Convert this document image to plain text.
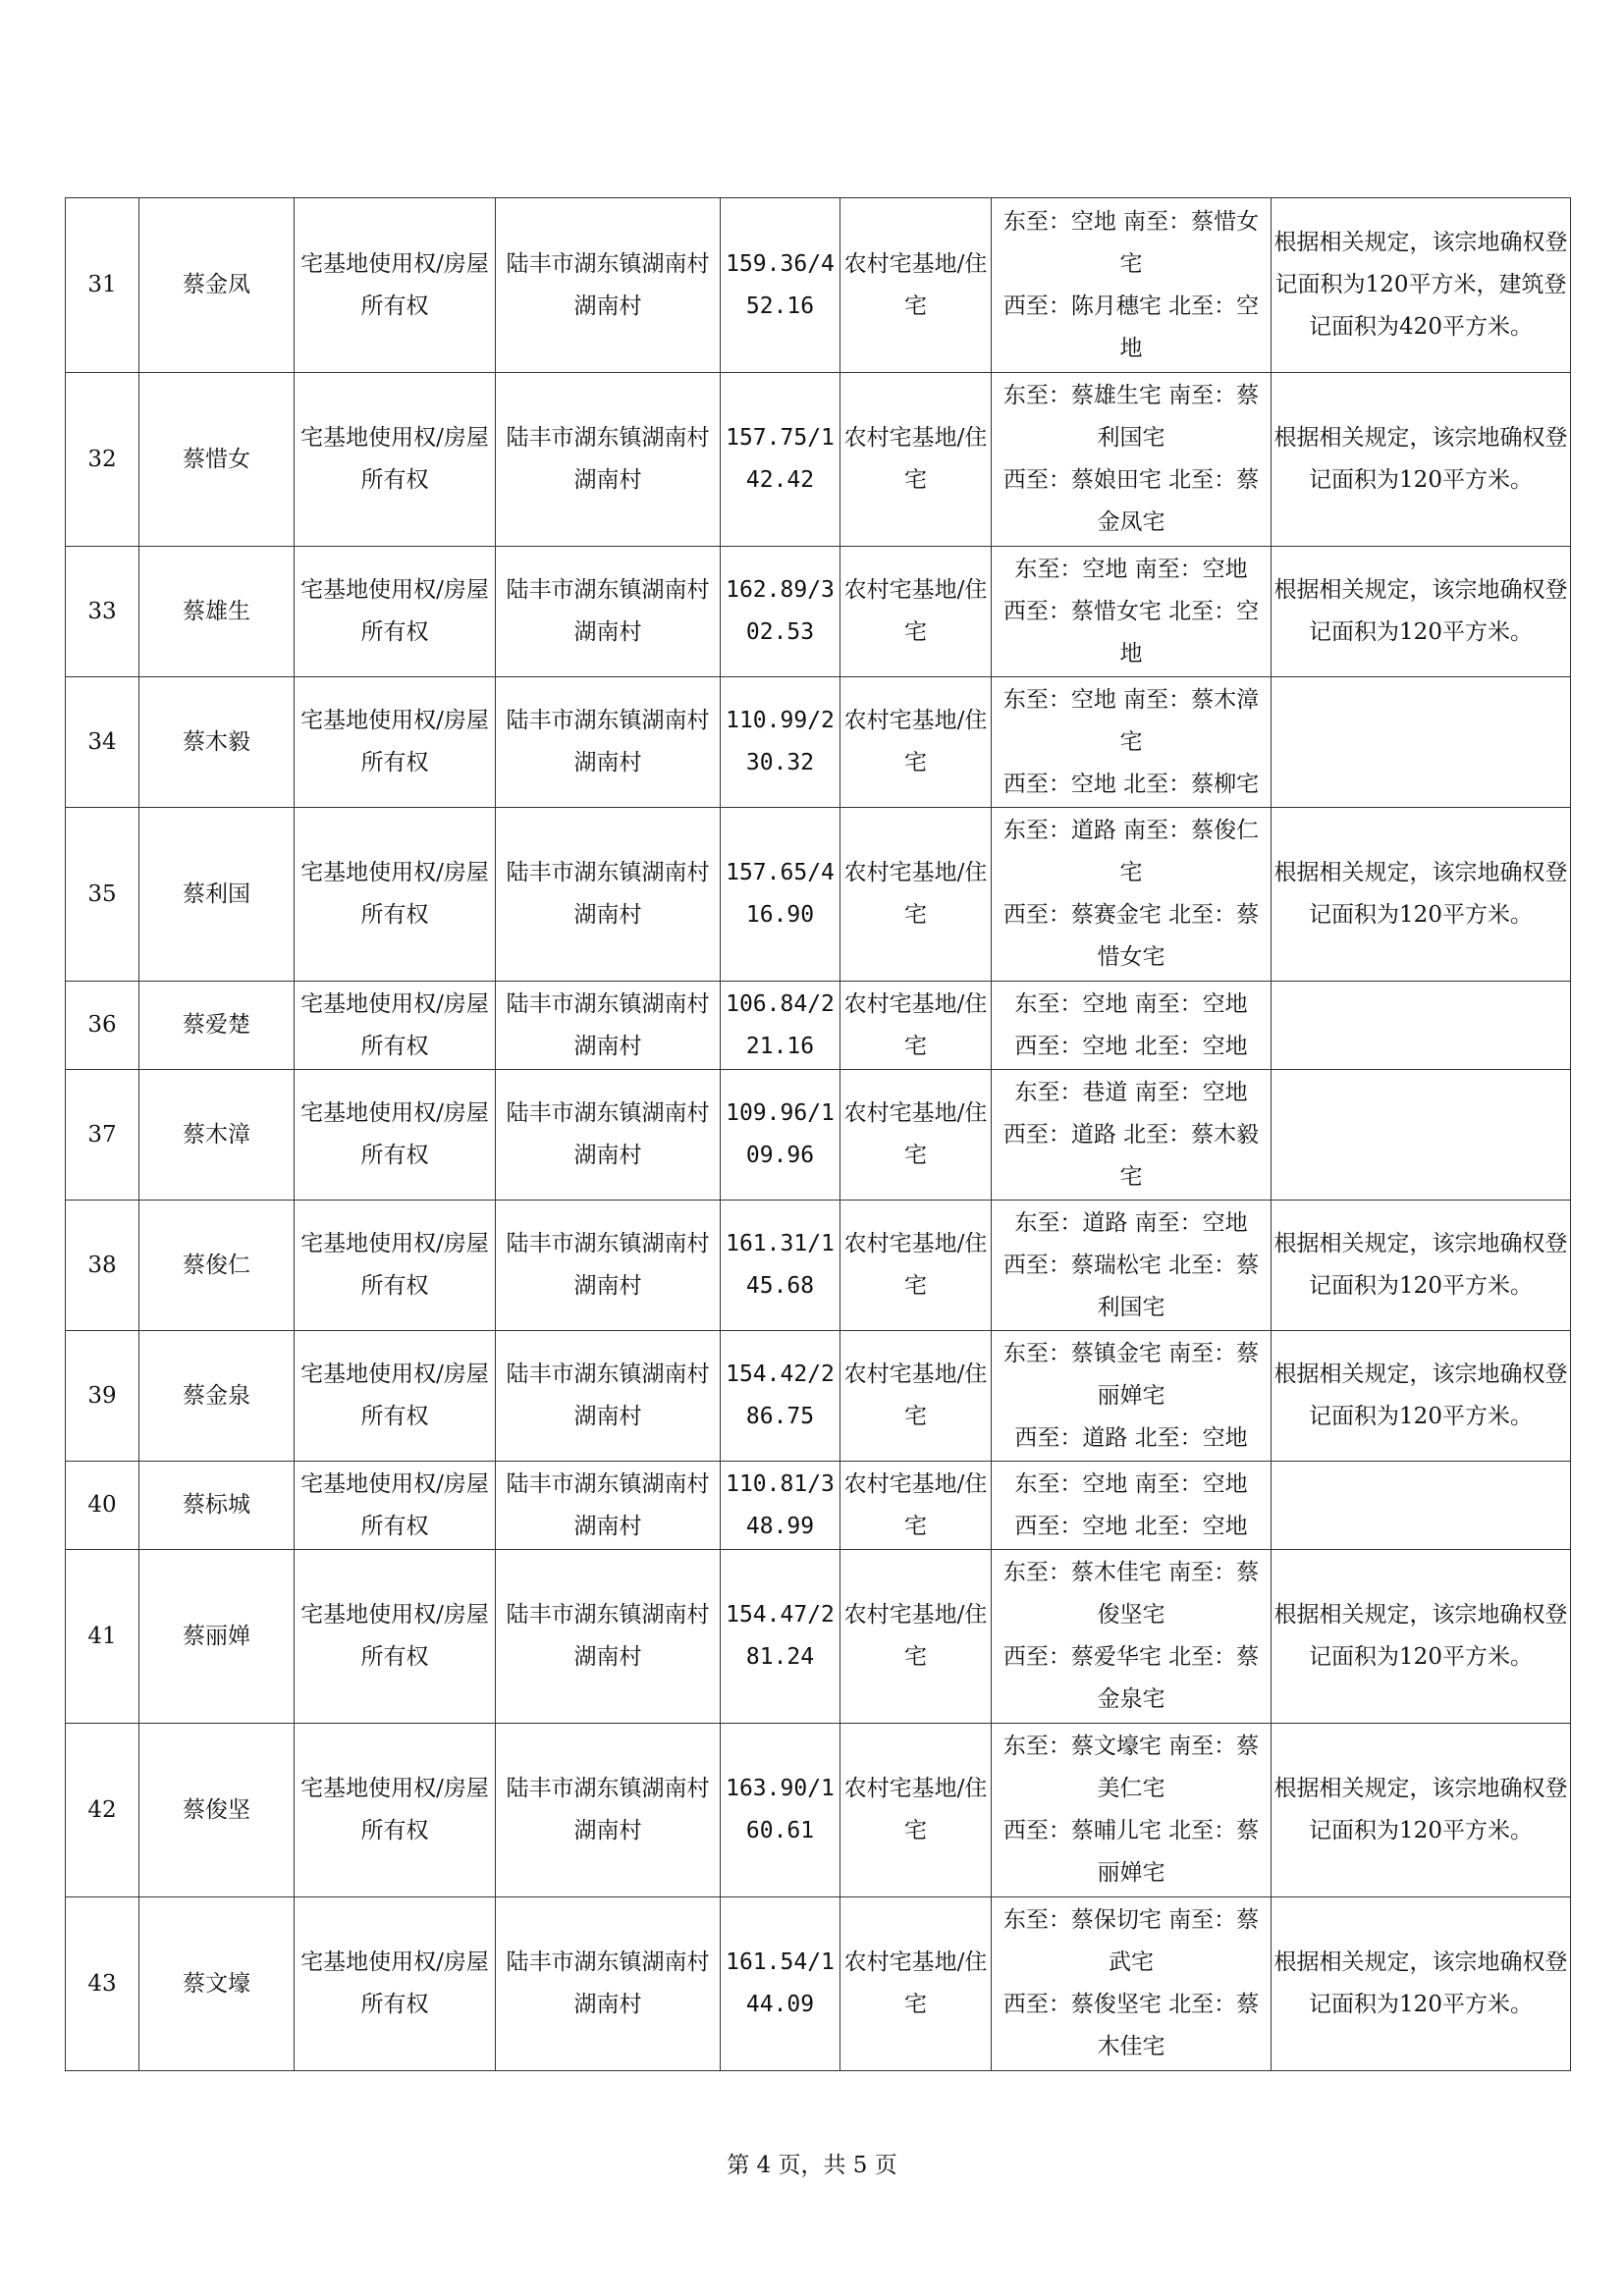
31	蔡金凤	宅基地使用权/房屋所有权	陆丰市湖东镇湖南村湖南村	159.36/452.16	农村宅基地/住宅	东至：空地 南至：蔡惜女宅
西至：陈月穗宅 北至：空地	根据相关规定，该宗地确权登记面积为120平方米，建筑登记面积为420平方米。
32	蔡惜女	宅基地使用权/房屋所有权	陆丰市湖东镇湖南村湖南村	157.75/142.42	农村宅基地/住宅	东至：蔡雄生宅 南至：蔡利国宅
西至：蔡娘田宅 北至：蔡金凤宅	根据相关规定，该宗地确权登记面积为120平方米。
33	蔡雄生	宅基地使用权/房屋所有权	陆丰市湖东镇湖南村湖南村	162.89/302.53	农村宅基地/住宅	东至：空地 南至：空地
西至：蔡惜女宅 北至：空地	根据相关规定，该宗地确权登记面积为120平方米。
34	蔡木毅	宅基地使用权/房屋所有权	陆丰市湖东镇湖南村湖南村	110.99/230.32	农村宅基地/住宅	东至：空地 南至：蔡木漳宅
西至：空地 北至：蔡柳宅	

35	蔡利国	宅基地使用权/房屋所有权	陆丰市湖东镇湖南村湖南村	157.65/416.90	农村宅基地/住宅	东至：道路 南至：蔡俊仁宅
西至：蔡赛金宅 北至：蔡惜女宅	根据相关规定，该宗地确权登记面积为120平方米。
36	蔡爱楚	宅基地使用权/房屋所有权	陆丰市湖东镇湖南村湖南村	106.84/221.16	农村宅基地/住宅	东至：空地 南至：空地
西至：空地 北至：空地	

37	蔡木漳	宅基地使用权/房屋所有权	陆丰市湖东镇湖南村湖南村	109.96/109.96	农村宅基地/住宅	东至：巷道 南至：空地
西至：道路 北至：蔡木毅宅	

38	蔡俊仁	宅基地使用权/房屋所有权	陆丰市湖东镇湖南村湖南村	161.31/145.68	农村宅基地/住宅	东至：道路 南至：空地
西至：蔡瑞松宅 北至：蔡利国宅	根据相关规定，该宗地确权登记面积为120平方米。
39	蔡金泉	宅基地使用权/房屋所有权	陆丰市湖东镇湖南村湖南村	154.42/286.75	农村宅基地/住宅	东至：蔡镇金宅 南至：蔡丽婵宅
西至：道路 北至：空地	根据相关规定，该宗地确权登记面积为120平方米。
40	蔡标城	宅基地使用权/房屋所有权	陆丰市湖东镇湖南村湖南村	110.81/348.99	农村宅基地/住宅	东至：空地 南至：空地
西至：空地 北至：空地	

41	蔡丽婵	宅基地使用权/房屋所有权	陆丰市湖东镇湖南村湖南村	154.47/281.24	农村宅基地/住宅	东至：蔡木佳宅 南至：蔡俊坚宅
西至：蔡爱华宅 北至：蔡金泉宅	根据相关规定，该宗地确权登记面积为120平方米。
42	蔡俊坚	宅基地使用权/房屋所有权	陆丰市湖东镇湖南村湖南村	163.90/160.61	农村宅基地/住宅	东至：蔡文壕宅 南至：蔡美仁宅
西至：蔡晡儿宅 北至：蔡丽婵宅	根据相关规定，该宗地确权登记面积为120平方米。
43	蔡文壕	宅基地使用权/房屋所有权	陆丰市湖东镇湖南村湖南村	161.54/144.09	农村宅基地/住宅	东至：蔡保切宅 南至：蔡武宅
西至：蔡俊坚宅 北至：蔡木佳宅	根据相关规定，该宗地确权登记面积为120平方米。
第 4 页，共 5 页
